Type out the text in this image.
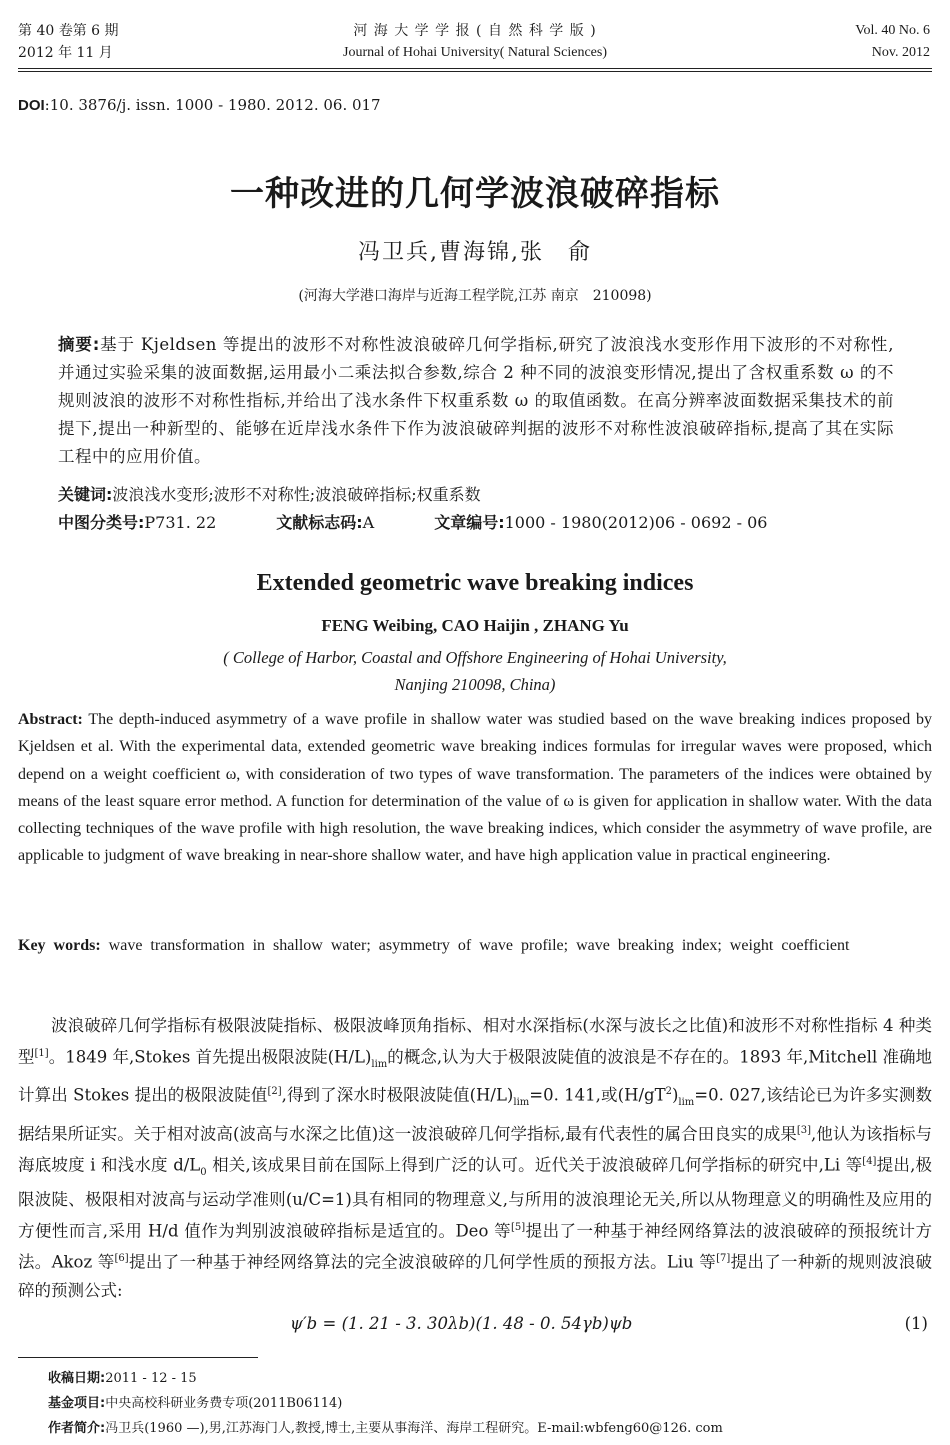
第 40 卷第 6 期
2012 年 11 月
河 海 大 学 学 报 ( 自 然 科 学 版 )
Journal of Hohai University( Natural Sciences)
Vol. 40 No. 6
Nov. 2012
DOI:10. 3876/j. issn. 1000 - 1980. 2012. 06. 017
一种改进的几何学波浪破碎指标
冯卫兵,曹海锦,张　俞
(河海大学港口海岸与近海工程学院,江苏 南京　210098)
摘要:基于 Kjeldsen 等提出的波形不对称性波浪破碎几何学指标,研究了波浪浅水变形作用下波形的不对称性,并通过实验采集的波面数据,运用最小二乘法拟合参数,综合 2 种不同的波浪变形情况,提出了含权重系数 ω 的不规则波浪的波形不对称性指标,并给出了浅水条件下权重系数 ω 的取值函数。在高分辨率波面数据采集技术的前提下,提出一种新型的、能够在近岸浅水条件下作为波浪破碎判据的波形不对称性波浪破碎指标,提高了其在实际工程中的应用价值。
关键词:波浪浅水变形;波形不对称性;波浪破碎指标;权重系数
中图分类号:P731. 22	文献标志码:A	文章编号:1000 - 1980(2012)06 - 0692 - 06
Extended geometric wave breaking indices
FENG Weibing, CAO Haijin , ZHANG Yu
( College of Harbor, Coastal and Offshore Engineering of Hohai University,
Nanjing 210098, China)
Abstract: The depth-induced asymmetry of a wave profile in shallow water was studied based on the wave breaking indices proposed by Kjeldsen et al. With the experimental data, extended geometric wave breaking indices formulas for irregular waves were proposed, which depend on a weight coefficient ω, with consideration of two types of wave transformation. The parameters of the indices were obtained by means of the least square error method. A function for determination of the value of ω is given for application in shallow water. With the data collecting techniques of the wave profile with high resolution, the wave breaking indices, which consider the asymmetry of wave profile, are applicable to judgment of wave breaking in near-shore shallow water, and have high application value in practical engineering.
Key words: wave transformation in shallow water; asymmetry of wave profile; wave breaking index; weight coefficient

波浪破碎几何学指标有极限波陡指标、极限波峰顶角指标、相对水深指标(水深与波长之比值)和波形不对称性指标 4 种类型[1]。1849 年,Stokes 首先提出极限波陡$(H/L)_{lim}$的概念,认为大于极限波陡值的波浪是不存在的。1893 年,Mitchell 准确地计算出 Stokes 提出的极限波陡值[2],得到了深水时极限波陡值$(H/L)_{lim}=0$. 141,或$(H/gT^2)_{lim}=0$. 027,该结论已为许多实测数据结果所证实。关于相对波高(波高与水深之比值)这一波浪破碎几何学指标,最有代表性的属合田良实的成果[3],他认为该指标与海底坡度 i 和浅水度 $d/L_0$ 相关,该成果目前在国际上得到广泛的认可。近代关于波浪破碎几何学指标的研究中,Li 等[4]提出,极限波陡、极限相对波高与运动学准则(u/C=1)具有相同的物理意义,与所用的波浪理论无关,所以从物理意义的明确性及应用的方便性而言,采用 H/d 值作为判别波浪破碎指标是适宜的。Deo 等[5]提出了一种基于神经网络算法的波浪破碎的预报统计方法。Akoz 等[6]提出了一种基于神经网络算法的完全波浪破碎的几何学性质的预报方法。Liu 等[7]提出了一种新的规则波浪破碎的预测公式:

ψ′b = (1. 21 - 3. 30λb)(1. 48 - 0. 54γb)ψb	(1)
收稿日期:2011 - 12 - 15
基金项目:中央高校科研业务费专项(2011B06114)
作者简介:冯卫兵(1960 —),男,江苏海门人,教授,博士,主要从事海洋、海岸工程研究。E-mail:wbfeng60@126. com
